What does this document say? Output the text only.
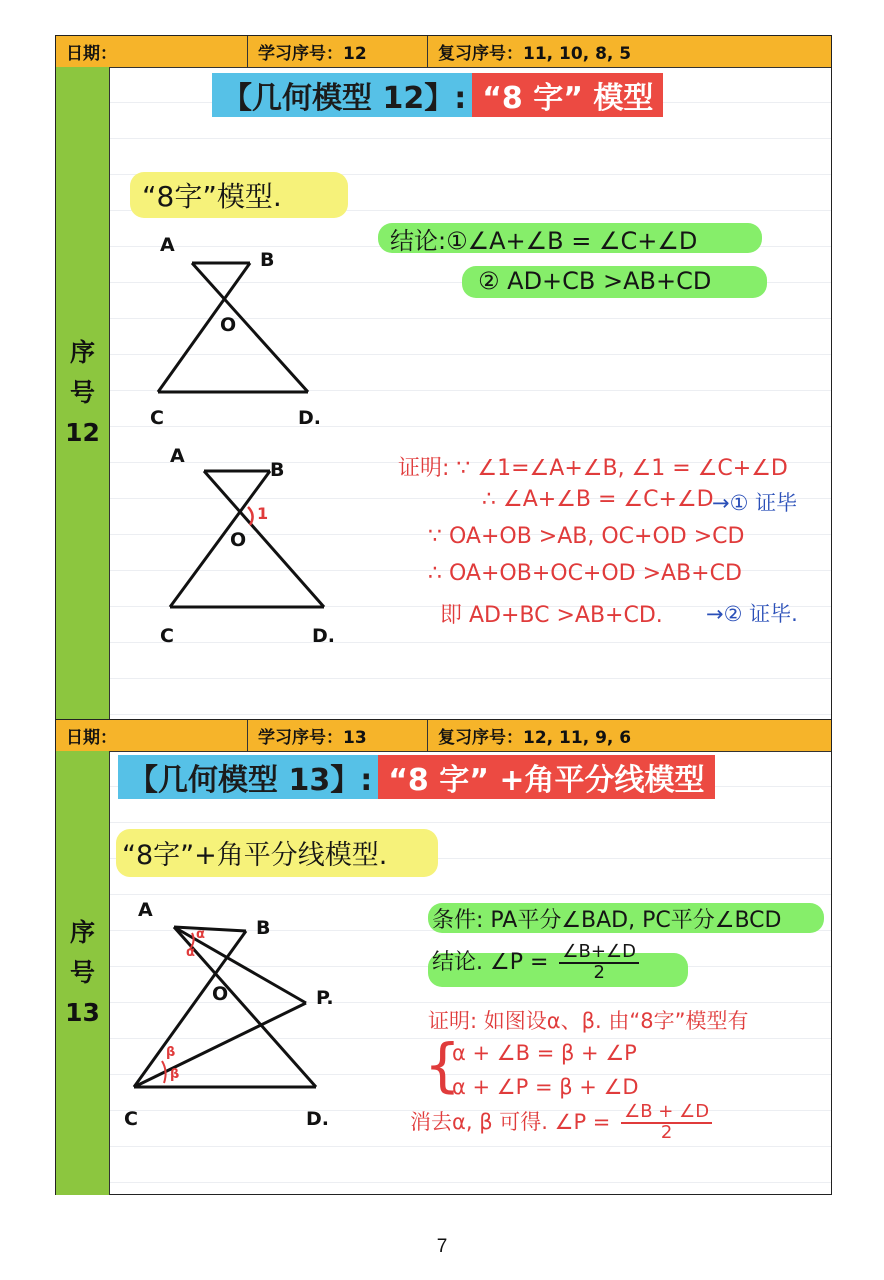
日期：	学习序号：12	复习序号：11, 10, 8, 5
序
号
12
【几何模型 12】: “8 字” 模型
“8字”模型.
A
B
O
C	D.
结论:①∠A+∠B = ∠C+∠D
② AD+CB >AB+CD
A
B
O
1
C	D.
证明: ∵ ∠1=∠A+∠B, ∠1 = ∠C+∠D
∴ ∠A+∠B = ∠C+∠D
→① 证毕
∵ OA+OB >AB, OC+OD >CD
∴ OA+OB+OC+OD >AB+CD
即 AD+BC >AB+CD. →② 证毕.
日期：	学习序号：13	复习序号：12, 11, 9, 6
序
号
13
【几何模型 13】: “8 字” +角平分线模型
“8字”+角平分线模型.
A
B
O	P.
C	D.
α
α
β
β
条件: PA平分∠BAD, PC平分∠BCD
结论. ∠P = $\frac{\angle B+\angle D}{2}$
证明: 如图设α、β. 由“8字”模型有
{
α + ∠B = β + ∠P
α + ∠P = β + ∠D
消去α, β 可得. ∠P = $\frac{\angle B + \angle D}{2}$
7
